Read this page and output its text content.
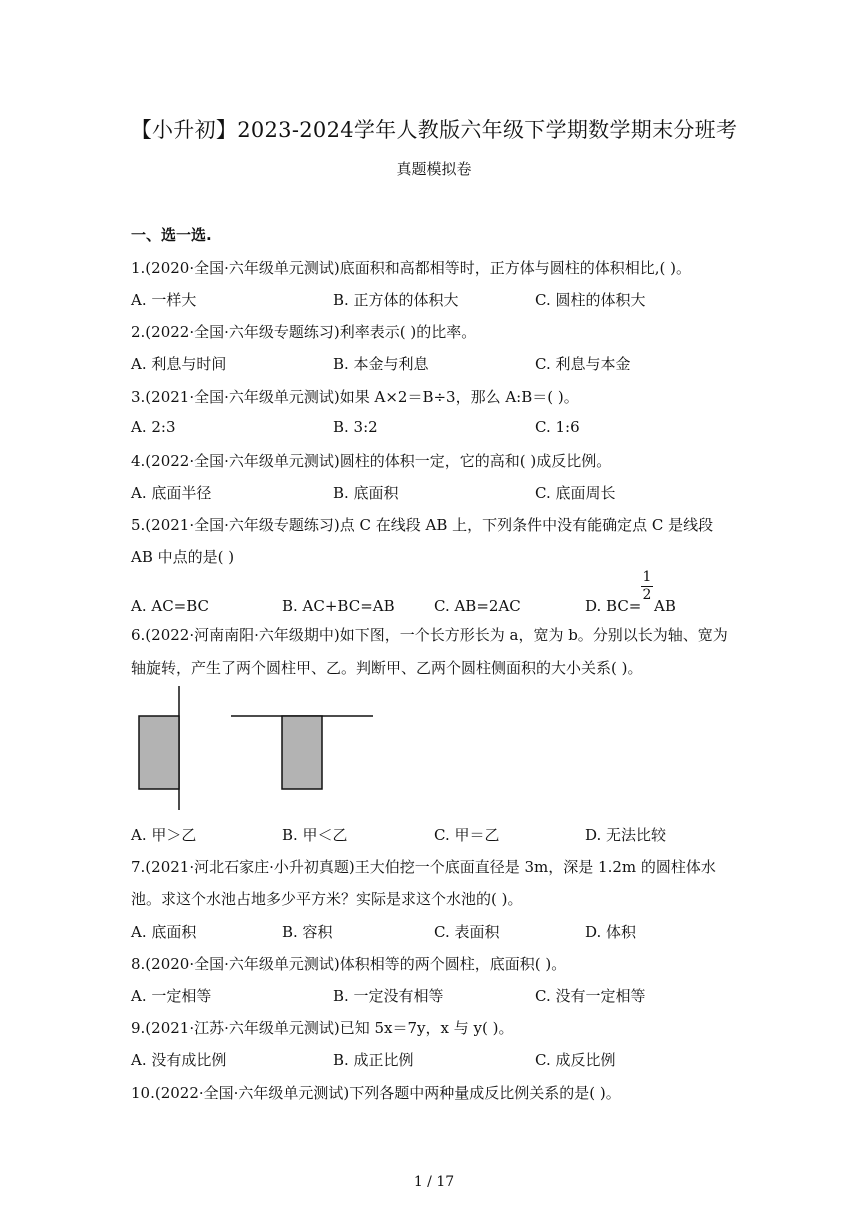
【小升初】2023-2024学年人教版六年级下学期数学期末分班考
真题模拟卷
一、选一选.
1.(2020·全国·六年级单元测试)底面积和高都相等时，正方体与圆柱的体积相比,( )。
A. 一样大	B. 正方体的体积大	C. 圆柱的体积大
2.(2022·全国·六年级专题练习)利率表示( )的比率。
A. 利息与时间	B. 本金与利息	C. 利息与本金
3.(2021·全国·六年级单元测试)如果 A×2＝B÷3，那么 A:B＝( )。
A. 2:3	B. 3:2	C. 1:6
4.(2022·全国·六年级单元测试)圆柱的体积一定，它的高和( )成反比例。
A. 底面半径	B. 底面积	C. 底面周长
5.(2021·全国·六年级专题练习)点 C 在线段 AB 上，下列条件中没有能确定点 C 是线段
AB 中点的是( )
A. AC=BC	B. AC+BC=AB	C. AB=2AC	D. BC=
1
2
AB
6.(2022·河南南阳·六年级期中)如下图，一个长方形长为 a，宽为 b。分别以长为轴、宽为
轴旋转，产生了两个圆柱甲、乙。判断甲、乙两个圆柱侧面积的大小关系( )。
A. 甲＞乙	B. 甲＜乙	C. 甲＝乙	D. 无法比较
7.(2021·河北石家庄·小升初真题)王大伯挖一个底面直径是 3m，深是 1.2m 的圆柱体水
池。求这个水池占地多少平方米？实际是求这个水池的( )。
A. 底面积	B. 容积	C. 表面积	D. 体积
8.(2020·全国·六年级单元测试)体积相等的两个圆柱，底面积( )。
A. 一定相等	B. 一定没有相等	C. 没有一定相等
9.(2021·江苏·六年级单元测试)已知 5x＝7y，x 与 y( )。
A. 没有成比例	B. 成正比例	C. 成反比例
10.(2022·全国·六年级单元测试)下列各题中两种量成反比例关系的是( )。
1 / 17
